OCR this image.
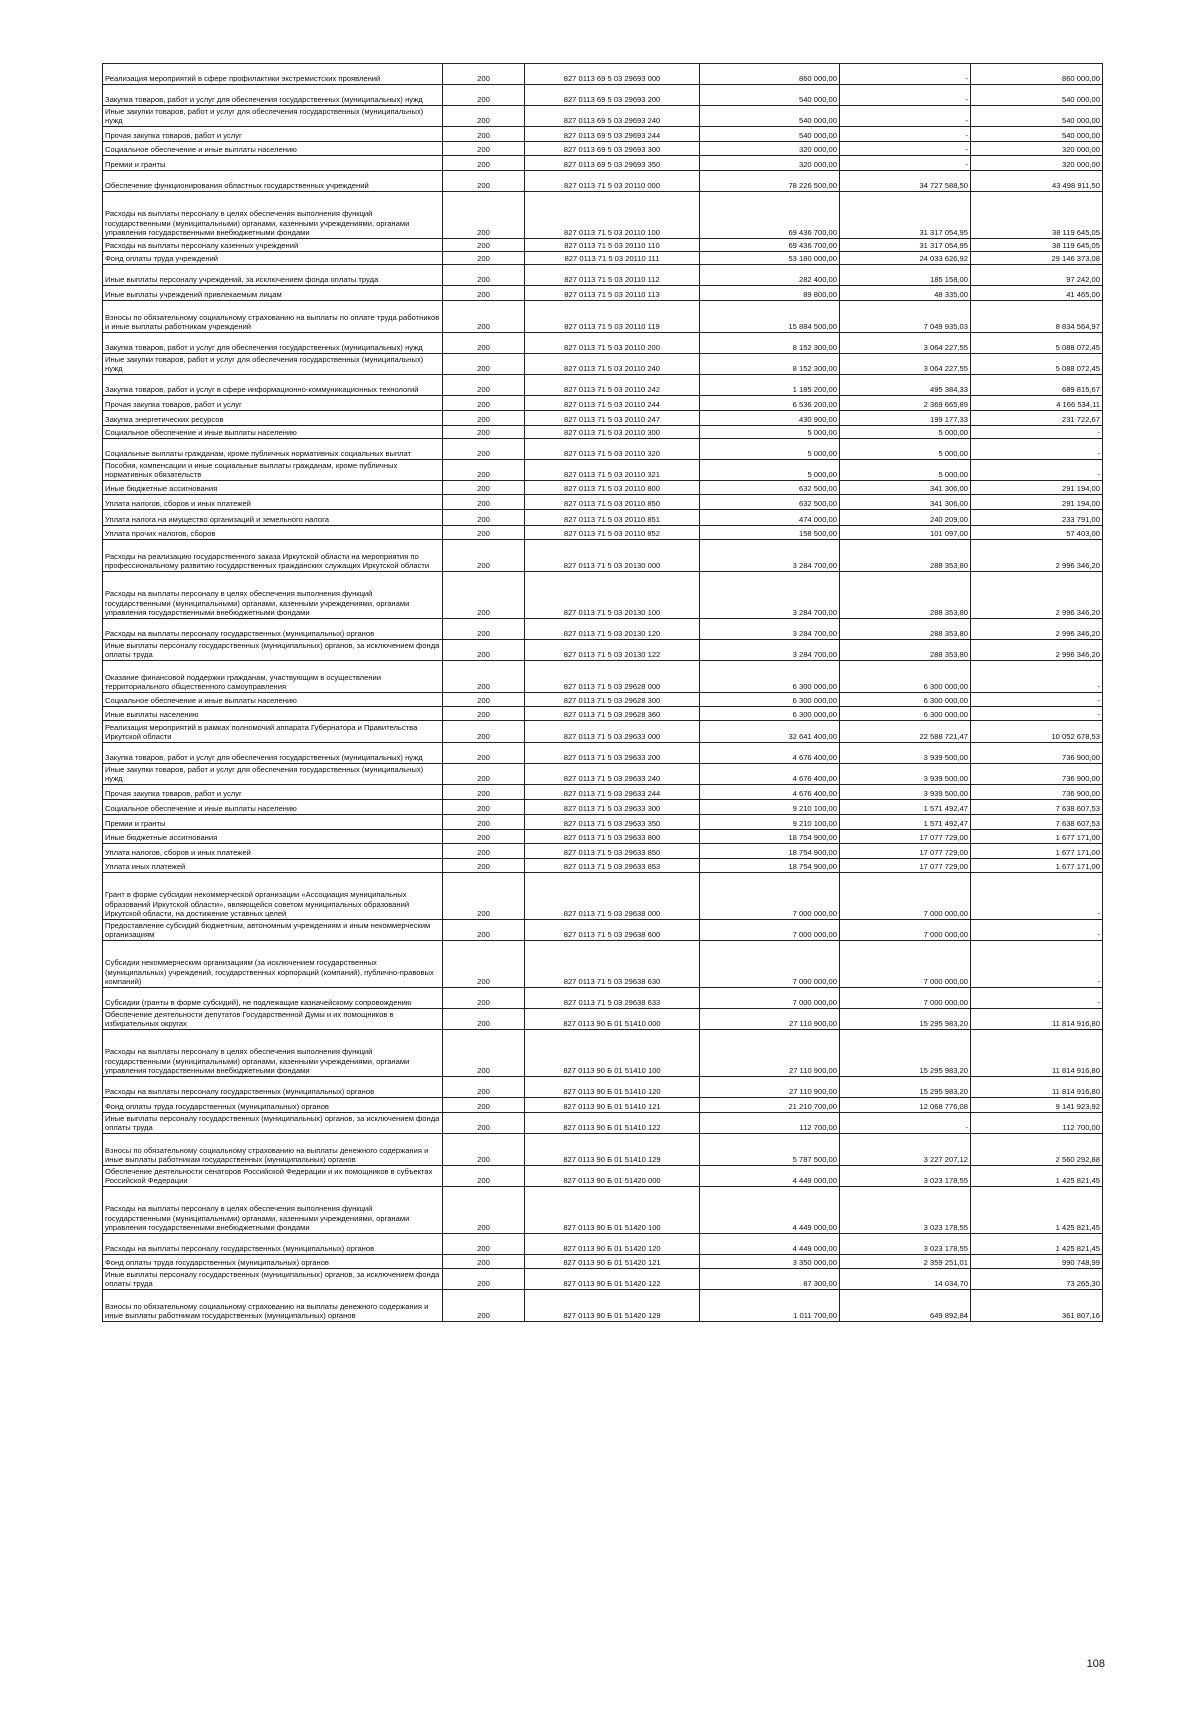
Реализация мероприятий в сфере профилактики экстремистских проявлений	200	827 0113 69 5 03 29693 000	860 000,00	-	860 000,00
Закупка товаров, работ и услуг для обеспечения государственных (муниципальных) нужд	200	827 0113 69 5 03 29693 200	540 000,00	-	540 000,00
Иные закупки товаров, работ и услуг для обеспечения государственных (муниципальных) нужд	200	827 0113 69 5 03 29693 240	540 000,00	-	540 000,00
Прочая закупка товаров, работ и услуг	200	827 0113 69 5 03 29693 244	540 000,00	-	540 000,00
Социальное обеспечение и иные выплаты населению	200	827 0113 69 5 03 29693 300	320 000,00	-	320 000,00
Премии и гранты	200	827 0113 69 5 03 29693 350	320 000,00	-	320 000,00
Обеспечение функционирования областных государственных учреждений	200	827 0113 71 5 03 20110 000	78 226 500,00	34 727 588,50	43 498 911,50
Расходы на выплаты персоналу в целях обеспечения выполнения функций государственными (муниципальными) органами, казенными учреждениями, органами управления государственными внебюджетными фондами	200	827 0113 71 5 03 20110 100	69 436 700,00	31 317 054,95	38 119 645,05
Расходы на выплаты персоналу казенных учреждений	200	827 0113 71 5 03 20110 110	69 436 700,00	31 317 054,95	38 119 645,05
Фонд оплаты труда учреждений	200	827 0113 71 5 03 20110 111	53 180 000,00	24 033 626,92	29 146 373,08
Иные выплаты персоналу учреждений, за исключением фонда оплаты труда	200	827 0113 71 5 03 20110 112	282 400,00	185 158,00	97 242,00
Иные выплаты учреждений привлекаемым лицам	200	827 0113 71 5 03 20110 113	89 800,00	48 335,00	41 465,00
Взносы по обязательному социальному страхованию на выплаты по оплате труда работников и иные выплаты работникам учреждений	200	827 0113 71 5 03 20110 119	15 884 500,00	7 049 935,03	8 834 564,97
Закупка товаров, работ и услуг для обеспечения государственных (муниципальных) нужд	200	827 0113 71 5 03 20110 200	8 152 300,00	3 064 227,55	5 088 072,45
Иные закупки товаров, работ и услуг для обеспечения государственных (муниципальных) нужд	200	827 0113 71 5 03 20110 240	8 152 300,00	3 064 227,55	5 088 072,45
Закупка товаров, работ и услуг в сфере информационно-коммуникационных технологий	200	827 0113 71 5 03 20110 242	1 185 200,00	495 384,33	689 815,67
Прочая закупка товаров, работ и услуг	200	827 0113 71 5 03 20110 244	6 536 200,00	2 369 665,89	4 166 534,11
Закупка энергетических ресурсов	200	827 0113 71 5 03 20110 247	430 900,00	199 177,33	231 722,67
Социальное обеспечение и иные выплаты населению	200	827 0113 71 5 03 20110 300	5 000,00	5 000,00	-
Социальные выплаты гражданам, кроме публичных нормативных социальных выплат	200	827 0113 71 5 03 20110 320	5 000,00	5 000,00	-
Пособия, компенсации и иные социальные выплаты гражданам, кроме публичных нормативных обязательств	200	827 0113 71 5 03 20110 321	5 000,00	5 000,00	-
Иные бюджетные ассигнования	200	827 0113 71 5 03 20110 800	632 500,00	341 306,00	291 194,00
Уплата налогов, сборов и иных платежей	200	827 0113 71 5 03 20110 850	632 500,00	341 306,00	291 194,00
Уплата налога на имущество организаций и земельного налога	200	827 0113 71 5 03 20110 851	474 000,00	240 209,00	233 791,00
Уплата прочих налогов, сборов	200	827 0113 71 5 03 20110 852	158 500,00	101 097,00	57 403,00
Расходы на реализацию государственного заказа Иркутской области на мероприятия по профессиональному развитию государственных гражданских служащих Иркутской области	200	827 0113 71 5 03 20130 000	3 284 700,00	288 353,80	2 996 346,20
Расходы на выплаты персоналу в целях обеспечения выполнения функций государственными (муниципальными) органами, казенными учреждениями, органами управления государственными внебюджетными фондами	200	827 0113 71 5 03 20130 100	3 284 700,00	288 353,80	2 996 346,20
Расходы на выплаты персоналу государственных (муниципальных) органов	200	827 0113 71 5 03 20130 120	3 284 700,00	288 353,80	2 996 346,20
Иные выплаты персоналу государственных (муниципальных) органов, за исключением фонда оплаты труда	200	827 0113 71 5 03 20130 122	3 284 700,00	288 353,80	2 996 346,20
Оказание финансовой поддержки гражданам, участвующим в осуществлении территориального общественного самоуправления	200	827 0113 71 5 03 29628 000	6 300 000,00	6 300 000,00	-
Социальное обеспечение и иные выплаты населению	200	827 0113 71 5 03 29628 300	6 300 000,00	6 300 000,00	-
Иные выплаты населению	200	827 0113 71 5 03 29628 360	6 300 000,00	6 300 000,00	-
Реализация мероприятий в рамках полномочий аппарата Губернатора и Правительства Иркутской области	200	827 0113 71 5 03 29633 000	32 641 400,00	22 588 721,47	10 052 678,53
Закупка товаров, работ и услуг для обеспечения государственных (муниципальных) нужд	200	827 0113 71 5 03 29633 200	4 676 400,00	3 939 500,00	736 900,00
Иные закупки товаров, работ и услуг для обеспечения государственных (муниципальных) нужд	200	827 0113 71 5 03 29633 240	4 676 400,00	3 939 500,00	736 900,00
Прочая закупка товаров, работ и услуг	200	827 0113 71 5 03 29633 244	4 676 400,00	3 939 500,00	736 900,00
Социальное обеспечение и иные выплаты населению	200	827 0113 71 5 03 29633 300	9 210 100,00	1 571 492,47	7 638 607,53
Премии и гранты	200	827 0113 71 5 03 29633 350	9 210 100,00	1 571 492,47	7 638 607,53
Иные бюджетные ассигнования	200	827 0113 71 5 03 29633 800	18 754 900,00	17 077 729,00	1 677 171,00
Уплата налогов, сборов и иных платежей	200	827 0113 71 5 03 29633 850	18 754 900,00	17 077 729,00	1 677 171,00
Уплата иных платежей	200	827 0113 71 5 03 29633 853	18 754 900,00	17 077 729,00	1 677 171,00
Грант в форме субсидии некоммерческой организации «Ассоциация муниципальных образований Иркутской области», являющейся советом муниципальных образований Иркутской области, на достижение уставных целей	200	827 0113 71 5 03 29638 000	7 000 000,00	7 000 000,00	-
Предоставление субсидий бюджетным, автономным учреждениям и иным некоммерческим организациям	200	827 0113 71 5 03 29638 600	7 000 000,00	7 000 000,00	-
Субсидии некоммерческим организациям (за исключением государственных (муниципальных) учреждений, государственных корпораций (компаний), публично-правовых компаний)	200	827 0113 71 5 03 29638 630	7 000 000,00	7 000 000,00	-
Субсидии (гранты в форме субсидий), не подлежащие казначейскому сопровождению	200	827 0113 71 5 03 29638 633	7 000 000,00	7 000 000,00	-
Обеспечение деятельности депутатов Государственной Думы и их помощников в избирательных округах	200	827 0113 90 Б 01 51410 000	27 110 900,00	15 295 983,20	11 814 916,80
Расходы на выплаты персоналу в целях обеспечения выполнения функций государственными (муниципальными) органами, казенными учреждениями, органами управления государственными внебюджетными фондами	200	827 0113 90 Б 01 51410 100	27 110 900,00	15 295 983,20	11 814 916,80
Расходы на выплаты персоналу государственных (муниципальных) органов	200	827 0113 90 Б 01 51410 120	27 110 900,00	15 295 983,20	11 814 916,80
Фонд оплаты труда государственных (муниципальных) органов	200	827 0113 90 Б 01 51410 121	21 210 700,00	12 068 776,08	9 141 923,92
Иные выплаты персоналу государственных (муниципальных) органов, за исключением фонда оплаты труда	200	827 0113 90 Б 01 51410 122	112 700,00	-	112 700,00
Взносы по обязательному социальному страхованию на выплаты денежного содержания и иные выплаты работникам государственных (муниципальных) органов	200	827 0113 90 Б 01 51410 129	5 787 500,00	3 227 207,12	2 560 292,88
Обеспечение деятельности сенаторов Российской Федерации и их помощников в субъектах Российской Федерации	200	827 0113 90 Б 01 51420 000	4 449 000,00	3 023 178,55	1 425 821,45
Расходы на выплаты персоналу в целях обеспечения выполнения функций государственными (муниципальными) органами, казенными учреждениями, органами управления государственными внебюджетными фондами	200	827 0113 90 Б 01 51420 100	4 449 000,00	3 023 178,55	1 425 821,45
Расходы на выплаты персоналу государственных (муниципальных) органов	200	827 0113 90 Б 01 51420 120	4 449 000,00	3 023 178,55	1 425 821,45
Фонд оплаты труда государственных (муниципальных) органов	200	827 0113 90 Б 01 51420 121	3 350 000,00	2 359 251,01	990 748,99
Иные выплаты персоналу государственных (муниципальных) органов, за исключением фонда оплаты труда	200	827 0113 90 Б 01 51420 122	87 300,00	14 034,70	73 265,30
Взносы по обязательному социальному страхованию на выплаты денежного содержания и иные выплаты работникам государственных (муниципальных) органов	200	827 0113 90 Б 01 51420 129	1 011 700,00	649 892,84	361 807,16
108
